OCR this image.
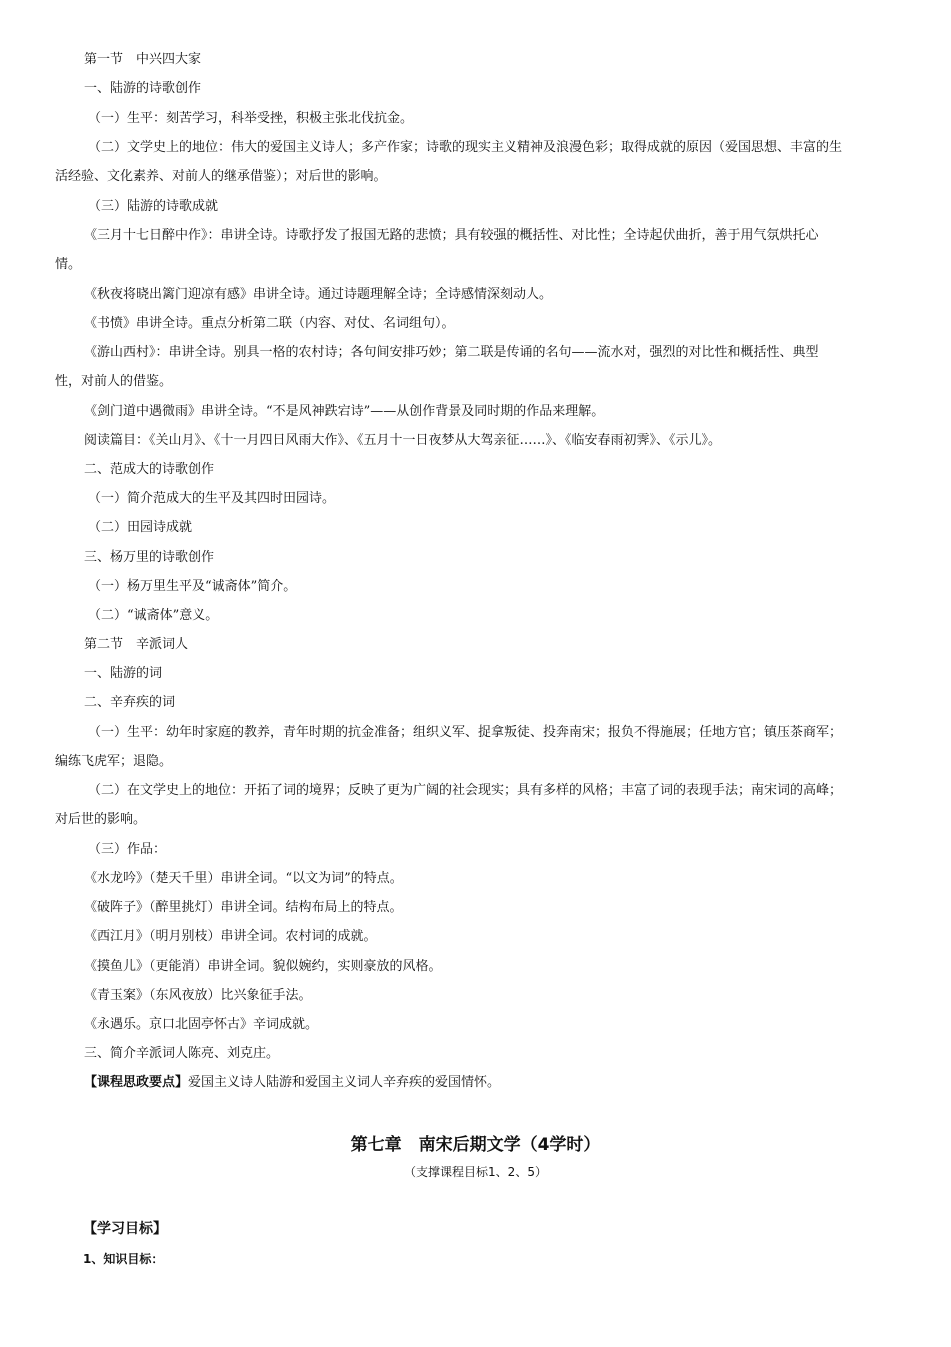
第一节　中兴四大家
一、陆游的诗歌创作
（一）生平：刻苦学习，科举受挫，积极主张北伐抗金。
（二）文学史上的地位：伟大的爱国主义诗人；多产作家；诗歌的现实主义精神及浪漫色彩；取得成就的原因（爱国思想、丰富的生
活经验、文化素养、对前人的继承借鉴）；对后世的影响。
（三）陆游的诗歌成就
《三月十七日醉中作》：串讲全诗。诗歌抒发了报国无路的悲愤；具有较强的概括性、对比性；全诗起伏曲折，善于用气氛烘托心
情。
《秋夜将晓出篱门迎凉有感》串讲全诗。通过诗题理解全诗；全诗感情深刻动人。
《书愤》串讲全诗。重点分析第二联（内容、对仗、名词组句）。
《游山西村》：串讲全诗。别具一格的农村诗；各句间安排巧妙；第二联是传诵的名句——流水对，强烈的对比性和概括性、典型
性，对前人的借鉴。
《剑门道中遇微雨》串讲全诗。“不是风神跌宕诗”——从创作背景及同时期的作品来理解。
阅读篇目：《关山月》、《十一月四日风雨大作》、《五月十一日夜梦从大驾亲征……》、《临安春雨初霁》、《示儿》。
二、范成大的诗歌创作
（一）简介范成大的生平及其四时田园诗。
（二）田园诗成就
三、杨万里的诗歌创作
（一）杨万里生平及“诚斋体”简介。
（二）“诚斋体”意义。
第二节　辛派词人
一、陆游的词
二、辛弃疾的词
（一）生平：幼年时家庭的教养，青年时期的抗金准备；组织义军、捉拿叛徒、投奔南宋；报负不得施展；任地方官；镇压茶商军；
编练飞虎军；退隐。
（二）在文学史上的地位：开拓了词的境界；反映了更为广阔的社会现实；具有多样的风格；丰富了词的表现手法；南宋词的高峰；
对后世的影响。
（三）作品：
《水龙吟》（楚天千里）串讲全词。“以文为词”的特点。
《破阵子》（醉里挑灯）串讲全词。结构布局上的特点。
《西江月》（明月别枝）串讲全词。农村词的成就。
《摸鱼儿》（更能消）串讲全词。貌似婉约，实则豪放的风格。
《青玉案》（东风夜放）比兴象征手法。
《永遇乐。京口北固亭怀古》辛词成就。
三、简介辛派词人陈亮、刘克庄。
【课程思政要点】爱国主义诗人陆游和爱国主义词人辛弃疾的爱国情怀。
第七章　南宋后期文学（4学时）
（支撑课程目标1、2、5）
【学习目标】
1、知识目标：
